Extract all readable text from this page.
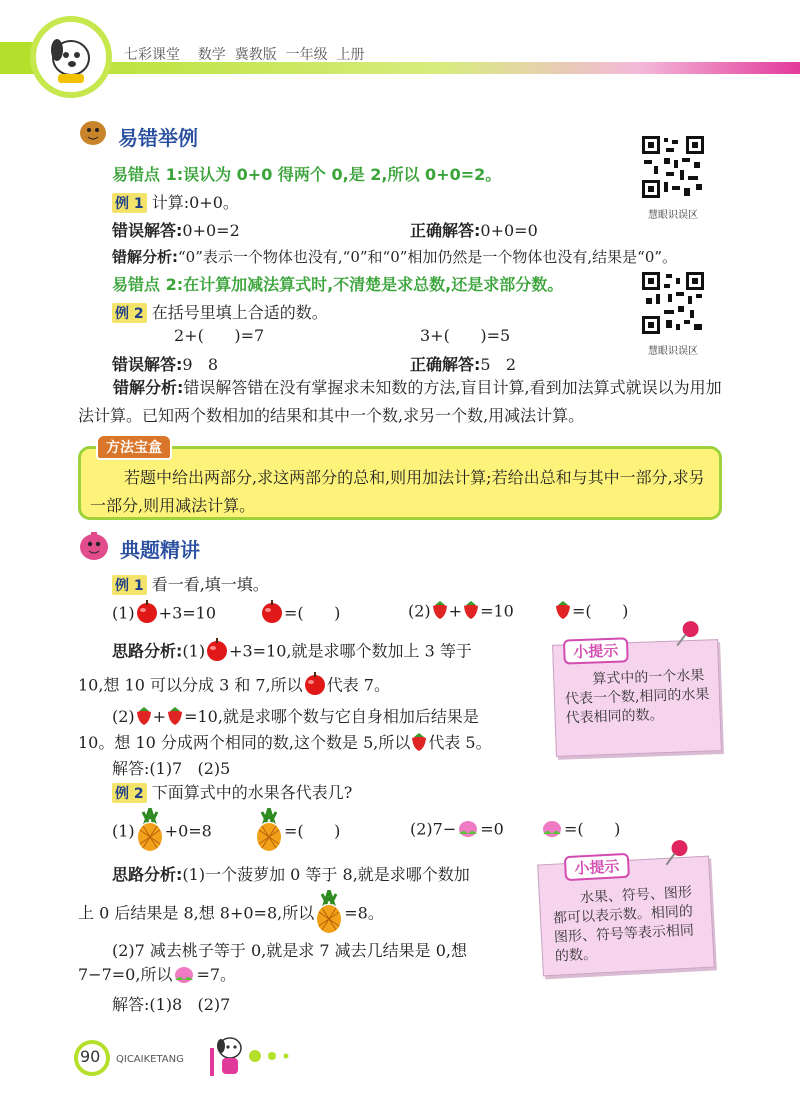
七彩课堂 数学 冀教版 一年级 上册
易错举例
慧眼识误区
慧眼识误区
易错点 1:误认为 0+0 得两个 0,是 2,所以 0+0=2。
例 1 计算:0+0。
错误解答:0+0=2	正确解答:0+0=0
错解分析:“0”表示一个物体也没有,“0”和“0”相加仍然是一个物体也没有,结果是“0”。
易错点 2:在计算加减法算式时,不清楚是求总数,还是求部分数。
例 2 在括号里填上合适的数。
2+(      )=7	3+(      )=5
错误解答:9   8	正确解答:5   2
错解分析:错误解答错在没有掌握求未知数的方法,盲目计算,看到加法算式就误以为用加法计算。已知两个数相加的结果和其中一个数,求另一个数,用减法计算。
方法宝盒
若题中给出两部分,求这两部分的总和,则用加法计算;若给出总和与其中一部分,求另一部分,则用减法计算。
典题精讲
例 1 看一看,填一填。
(1) +3=10	=(      )	(2) + =10	=(      )
思路分析:(1) +3=10,就是求哪个数加上 3 等于
10,想 10 可以分成 3 和 7,所以 代表 7。
(2) + =10,就是求哪个数与它自身相加后结果是
10。想 10 分成两个相同的数,这个数是 5,所以 代表 5。
解答:(1)7   (2)5
例 2 下面算式中的水果各代表几?
(1) +0=8	=(      )	(2)7− =0	=(      )
思路分析:(1)一个菠萝加 0 等于 8,就是求哪个数加
上 0 后结果是 8,想 8+0=8,所以 =8。
(2)7 减去桃子等于 0,就是求 7 减去几结果是 0,想
7−7=0,所以 =7。
解答:(1)8   (2)7
小提示
算式中的一个水果代表一个数,相同的水果代表相同的数。
小提示
水果、符号、图形都可以表示数。相同的图形、符号等表示相同的数。
90 QICAIKETANG
